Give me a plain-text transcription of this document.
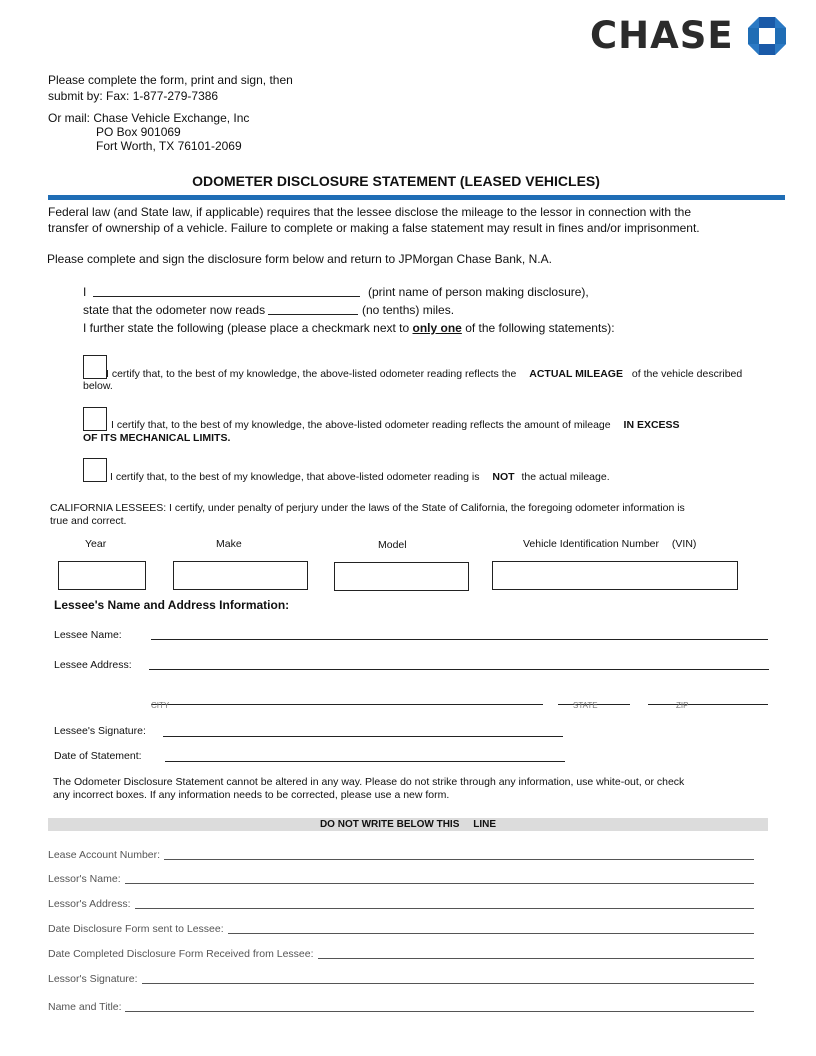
CHASE
Please complete the form, print and sign, then
submit by: Fax: 1-877-279-7386
Or mail: Chase Vehicle Exchange, Inc
PO Box 901069
Fort Worth, TX 76101-2069
ODOMETER DISCLOSURE STATEMENT (LEASED VEHICLES)
Federal law (and State law, if applicable) requires that the lessee disclose the mileage to the lessor in connection with the
transfer of ownership of a vehicle. Failure to complete or making a false statement may result in fines and/or imprisonment.
Please complete and sign the disclosure form below and return to JPMorgan Chase Bank, N.A.
I	(print name of person making disclosure),
state that the odometer now reads	(no tenths) miles.
I further state the following (please place a checkmark next to only one of the following statements):
I certify that, to the best of my knowledge, the above-listed odometer reading reflects the ACTUAL MILEAGE of the vehicle described
below.
I certify that, to the best of my knowledge, the above-listed odometer reading reflects the amount of mileage IN EXCESS
OF ITS MECHANICAL LIMITS.
I certify that, to the best of my knowledge, that above-listed odometer reading is NOT the actual mileage.
CALIFORNIA LESSEES: I certify, under penalty of perjury under the laws of the State of California, the foregoing odometer information is
true and correct.
Year	Make	Model	Vehicle Identification Number (VIN)
Lessee's Name and Address Information:
Lessee Name:
Lessee Address:
CITY	STATE	ZIP
Lessee's Signature:
Date of Statement:
The Odometer Disclosure Statement cannot be altered in any way. Please do not strike through any information, use white-out, or check
any incorrect boxes. If any information needs to be corrected, please use a new form.
DO NOT WRITE BELOW THIS     LINE
Lease Account Number:
Lessor's Name:
Lessor's Address:
Date Disclosure Form sent to Lessee:
Date Completed Disclosure Form Received from Lessee:
Lessor's Signature:
Name and Title:
